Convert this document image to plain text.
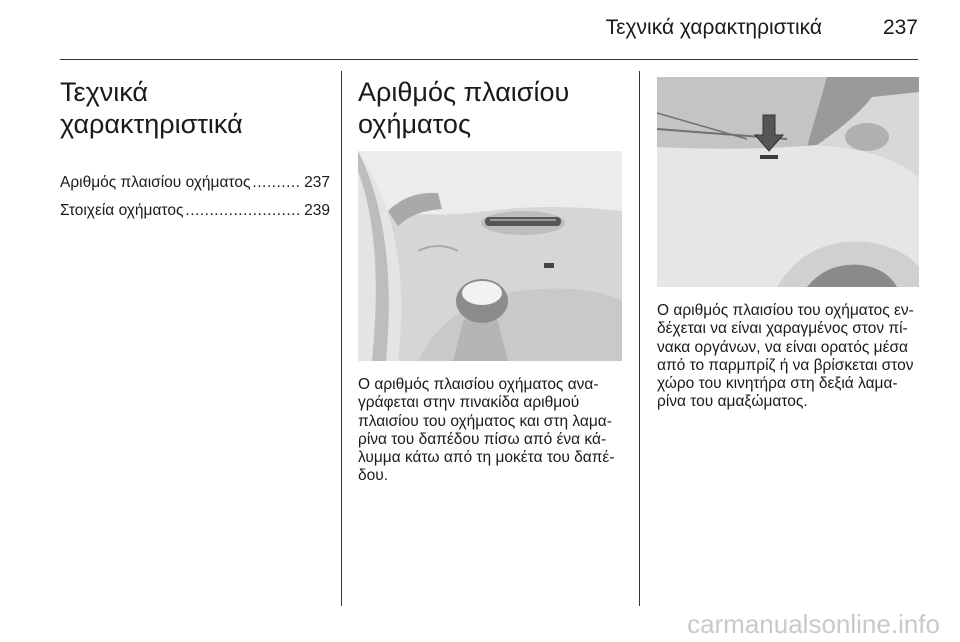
Τεχνικά χαρακτηριστικά	237
Τεχνικά
χαρακτηριστικά
Αριθμός πλαισίου οχήματος .....	237
Στοιχεία οχήματος .....	239
Αριθμός πλαισίου
οχήματος
Ο αριθμός πλαισίου οχήματος ανα-
γράφεται στην πινακίδα αριθμού
πλαισίου του οχήματος και στη λαμα-
ρίνα του δαπέδου πίσω από ένα κά-
λυμμα κάτω από τη μοκέτα του δαπέ-
δου.
Ο αριθμός πλαισίου του οχήματος εν-
δέχεται να είναι χαραγμένος στον πί-
νακα οργάνων, να είναι ορατός μέσα
από το παρμπρίζ ή να βρίσκεται στον
χώρο του κινητήρα στη δεξιά λαμα-
ρίνα του αμαξώματος.
carmanualsonline.info
